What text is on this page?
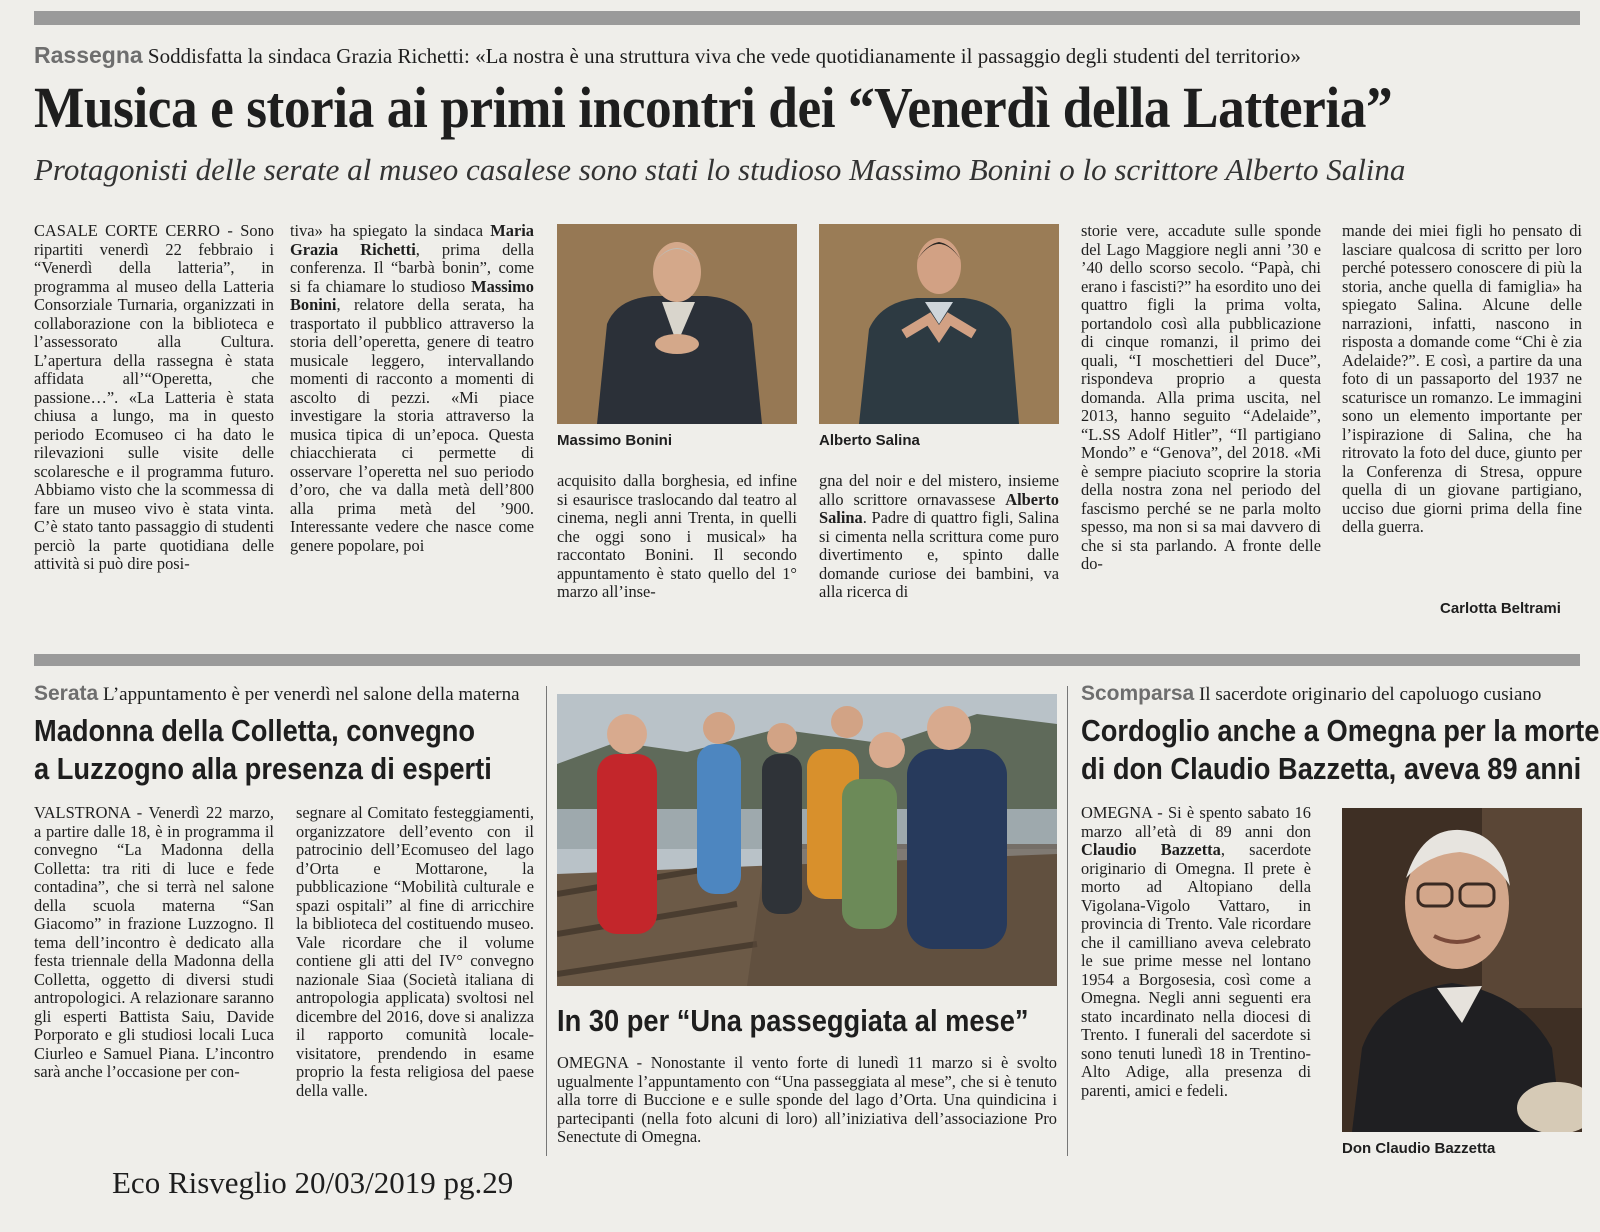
Rassegna Soddisfatta la sindaca Grazia Richetti: «La nostra è una struttura viva che vede quotidianamente il passaggio degli studenti del territorio»
Musica e storia ai primi incontri dei “Venerdì della Latteria”

Protagonisti delle serate al museo casalese sono stati lo studioso Massimo Bonini o lo scrittore Alberto Salina

CASALE CORTE CERRO - Sono ripartiti venerdì 22 febbraio i “Venerdì della latteria”, in programma al museo della Latteria Consorziale Turnaria, organizzati in collaborazione con la biblioteca e l’assessorato alla Cultura. L’apertura della rassegna è stata affidata all’“Operetta, che passione…”. «La Latteria è stata chiusa a lungo, ma in questo periodo Ecomuseo ci ha dato le rilevazioni sulle visite delle scolaresche e il programma futuro. Abbiamo visto che la scommessa di fare un museo vivo è stata vinta. C’è stato tanto passaggio di studenti perciò la parte quotidiana delle attività si può dire posi-

tiva» ha spiegato la sindaca Maria Grazia Richetti, prima della conferenza. Il “barbà bonin”, come si fa chiamare lo studioso Massimo Bonini, relatore della serata, ha trasportato il pubblico attraverso la storia dell’operetta, genere di teatro musicale leggero, intervallando momenti di racconto a momenti di ascolto di pezzi. «Mi piace investigare la storia attraverso la musica tipica di un’epoca. Questa chiacchierata ci permette di osservare l’operetta nel suo periodo d’oro, che va dalla metà dell’800 alla prima metà del ’900. Interessante vedere che nasce come genere popolare, poi

Massimo Bonini	Alberto Salina

acquisito dalla borghesia, ed infine si esaurisce traslocando dal teatro al cinema, negli anni Trenta, in quelli che oggi sono i musical» ha raccontato Bonini. Il secondo appuntamento è stato quello del 1° marzo all’inse-

gna del noir e del mistero, insieme allo scrittore ornavassese Alberto Salina. Padre di quattro figli, Salina si cimenta nella scrittura come puro divertimento e, spinto dalle domande curiose dei bambini, va alla ricerca di

storie vere, accadute sulle sponde del Lago Maggiore negli anni ’30 e ’40 dello scorso secolo. “Papà, chi erano i fascisti?” ha esordito uno dei quattro figli la prima volta, portandolo così alla pubblicazione di cinque romanzi, il primo dei quali, “I moschettieri del Duce”, rispondeva proprio a questa domanda. Alla prima uscita, nel 2013, hanno seguito “Adelaide”, “L.SS Adolf Hitler”, “Il partigiano Mondo” e “Genova”, del 2018. «Mi è sempre piaciuto scoprire la storia della nostra zona nel periodo del fascismo perché se ne parla molto spesso, ma non si sa mai davvero di che si sta parlando. A fronte delle do-

mande dei miei figli ho pensato di lasciare qualcosa di scritto per loro perché potessero conoscere di più la storia, anche quella di famiglia» ha spiegato Salina. Alcune delle narrazioni, infatti, nascono in risposta a domande come “Chi è zia Adelaide?”. E così, a partire da una foto di un passaporto del 1937 ne scaturisce un romanzo. Le immagini sono un elemento importante per l’ispirazione di Salina, che ha ritrovato la foto del duce, giunto per la Conferenza di Stresa, oppure quella di un giovane partigiano, ucciso due giorni prima della fine della guerra.

Carlotta Beltrami
Serata L’appuntamento è per venerdì nel salone della materna
Madonna della Colletta, convegno
a Luzzogno alla presenza di esperti

VALSTRONA - Venerdì 22 marzo, a partire dalle 18, è in programma il convegno “La Madonna della Colletta: tra riti di luce e fede contadina”, che si terrà nel salone della scuola materna “San Giacomo” in frazione Luzzogno. Il tema dell’incontro è dedicato alla festa triennale della Madonna della Colletta, oggetto di diversi studi antropologici. A relazionare saranno gli esperti Battista Saiu, Davide Porporato e gli studiosi locali Luca Ciurleo e Samuel Piana. L’incontro sarà anche l’occasione per con-

segnare al Comitato festeggiamenti, organizzatore dell’evento con il patrocinio dell’Ecomuseo del lago d’Orta e Mottarone, la pubblicazione “Mobilità culturale e spazi ospitali” al fine di arricchire la biblioteca del costituendo museo. Vale ricordare che il volume contiene gli atti del IV° convegno nazionale Siaa (Società italiana di antropologia applicata) svoltosi nel dicembre del 2016, dove si analizza il rapporto comunità locale-visitatore, prendendo in esame proprio la festa religiosa del paese della valle.

In 30 per “Una passeggiata al mese”

OMEGNA - Nonostante il vento forte di lunedì 11 marzo si è svolto ugualmente l’appuntamento con “Una passeggiata al mese”, che si è tenuto alla torre di Buccione e e sulle sponde del lago d’Orta. Una quindicina i partecipanti (nella foto alcuni di loro) all’iniziativa dell’associazione Pro Senectute di Omegna.

Scomparsa Il sacerdote originario del capoluogo cusiano
Cordoglio anche a Omegna per la morte
di don Claudio Bazzetta, aveva 89 anni

OMEGNA - Si è spento sabato 16 marzo all’età di 89 anni don Claudio Bazzetta, sacerdote originario di Omegna. Il prete è morto ad Altopiano della Vigolana-Vigolo Vattaro, in provincia di Trento. Vale ricordare che il camilliano aveva celebrato le sue prime messe nel lontano 1954 a Borgosesia, così come a Omegna. Negli anni seguenti era stato incardinato nella diocesi di Trento. I funerali del sacerdote si sono tenuti lunedì 18 in Trentino-Alto Adige, alla presenza di parenti, amici e fedeli.

Don Claudio Bazzetta
Eco Risveglio 20/03/2019 pg.29
